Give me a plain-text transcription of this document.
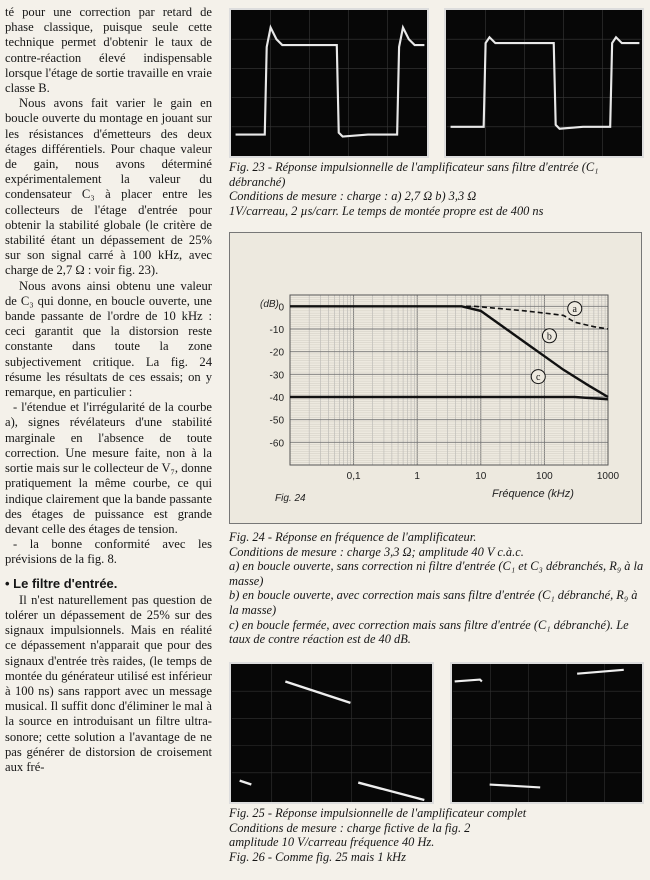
té pour une correction par retard de phase classique, puisque seule cette technique permet d'obtenir le taux de contre-réaction élevé indispensable lorsque l'étage de sortie travaille en vraie classe B.

Nous avons fait varier le gain en boucle ouverte du montage en jouant sur les résistances d'émetteurs des deux étages différentiels. Pour chaque valeur de gain, nous avons déterminé expérimentalement la valeur du condensateur C₃ à placer entre les collecteurs de l'étage d'entrée pour obtenir la stabilité globale (le critère de stabilité étant un dépassement de 25% sur son signal carré à 100 kHz, avec charge de 2,7 Ω : voir fig. 23).

Nous avons ainsi obtenu une valeur de C₃ qui donne, en boucle ouverte, une bande passante de l'ordre de 10 kHz : ceci garantit que la distorsion reste constante dans toute la zone subjectivement critique. La fig. 24 résume les résultats de ces essais; on y remarque, en particulier :

- l'étendue et l'irrégularité de la courbe a), signes révélateurs d'une stabilité marginale en l'absence de toute correction. Une mesure faite, non à la sortie mais sur le collecteur de V₇, donne pratiquement la même courbe, ce qui indique clairement que la bande passante des étages de puissance est grande devant celle des étages de tension.
- la bonne conformité avec les prévisions de la fig. 8.
• Le filtre d'entrée.

Il n'est naturellement pas question de tolérer un dépassement de 25% sur des signaux impulsionnels. Mais en réalité ce dépassement n'apparait que pour des signaux d'entrée très raides, (le temps de montée du générateur utilisé est inférieur à 100 ns) sans rapport avec un message musical. Il suffit donc d'éliminer le mal à la source en introduisant un filtre ultra-sonore; cette solution a l'avantage de ne pas générer de distorsion de croisement aux fré-

Fig. 23 - Réponse impulsionnelle de l'amplificateur sans filtre d'entrée (C₁ débranché)

Conditions de mesure : charge : a) 2,7 Ω b) 3,3 Ω

1V/carreau, 2 µs/carr. Le temps de montée propre est de 400 ns

0
-10
-20
-30
-40
-50
-60
(dB)
0,1	1	10	100	1000
Fréquence (kHz)
Fig. 24
a
b
c

Fig. 24 - Réponse en fréquence de l'amplificateur.

Conditions de mesure : charge 3,3 Ω; amplitude 40 V c.à.c.

a) en boucle ouverte, sans correction ni filtre d'entrée (C₁ et C₃ débranchés, R₉ à la masse)

b) en boucle ouverte, avec correction mais sans filtre d'entrée (C₁ débranché, R₉ à la masse)

c) en boucle fermée, avec correction mais sans filtre d'entrée (C₁ débranché). Le taux de contre réaction est de 40 dB.

Fig. 25 - Réponse impulsionnelle de l'amplificateur complet

Conditions de mesure : charge fictive de la fig. 2

amplitude 10 V/carreau fréquence 40 Hz.

Fig. 26 - Comme fig. 25 mais 1 kHz
